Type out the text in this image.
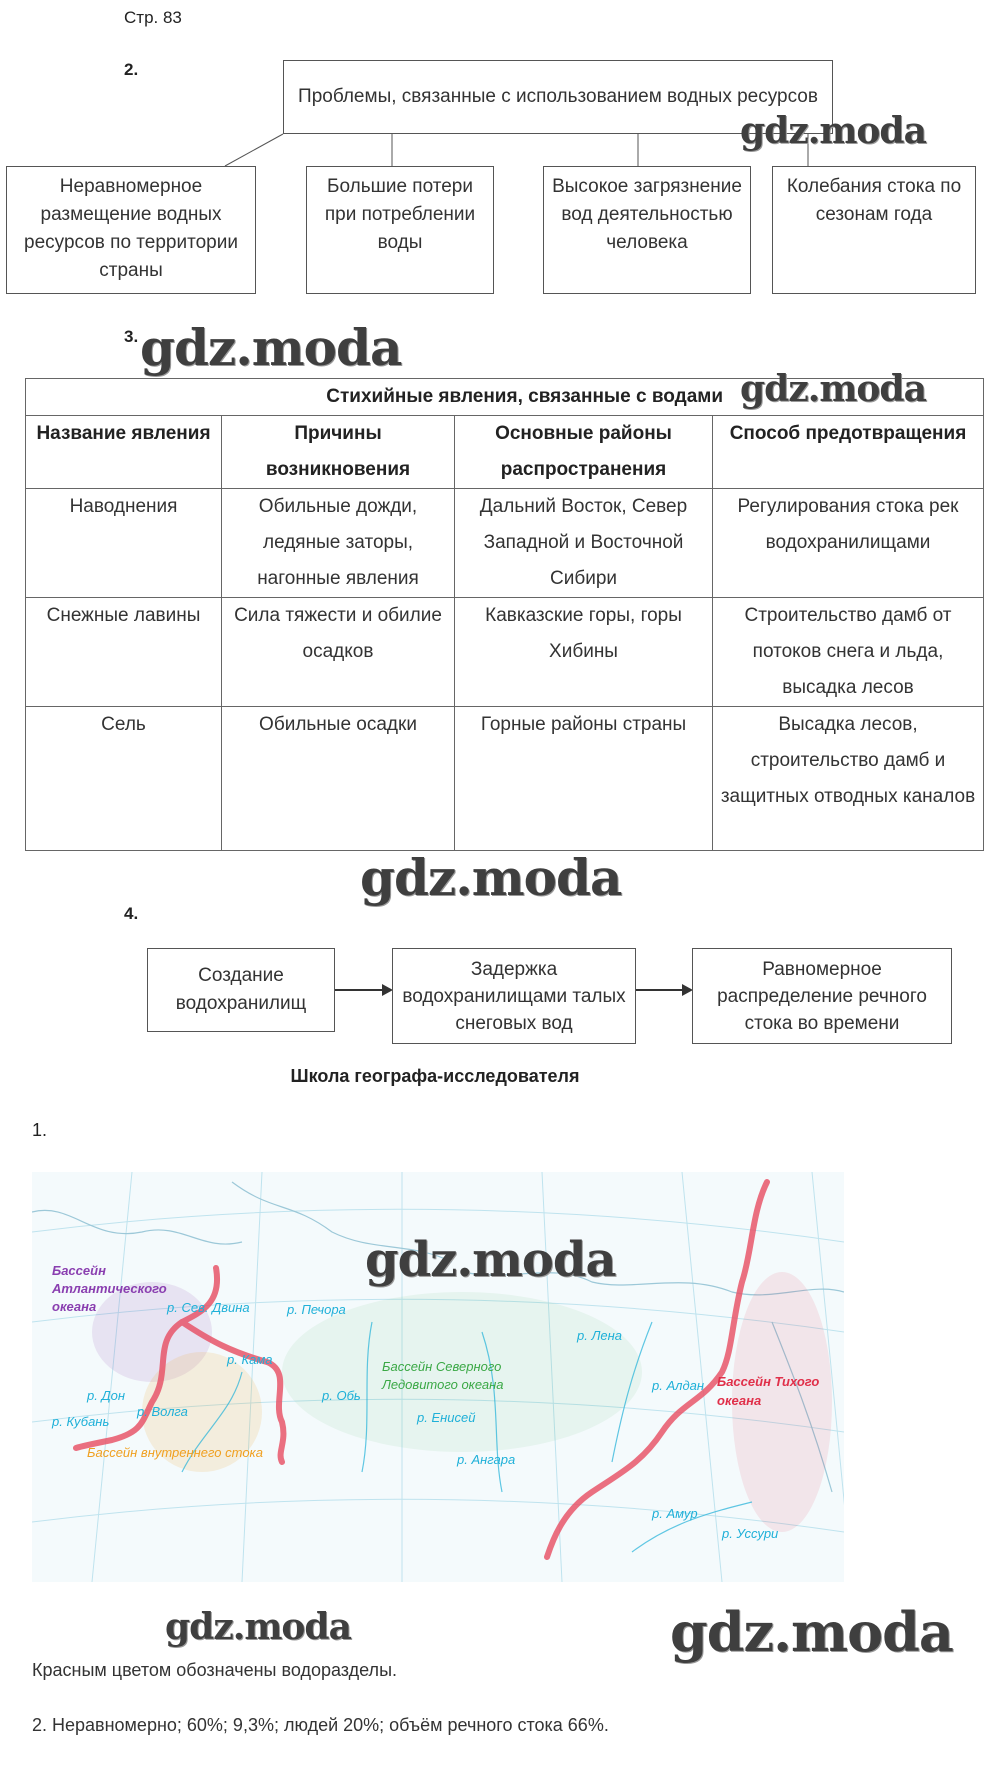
Стр. 83
2.
Проблемы, связанные с использованием водных ресурсов
Неравномерное размещение водных ресурсов по территории страны
Большие потери при потреблении воды
Высокое загрязнение вод деятельностью человека
Колебания стока по сезонам года
3.
Стихийные явления, связанные с водами			
Название явления	Причины возникновения	Основные районы распространения	Способ предотвращения
Наводнения	Обильные дожди, ледяные заторы, нагонные явления	Дальний Восток, Север Западной и Восточной Сибири	Регулирования стока рек водохранилищами
Снежные лавины	Сила тяжести и обилие осадков	Кавказские горы, горы Хибины	Строительство дамб от потоков снега и льда, высадка лесов
Сель	Обильные осадки	Горные районы страны	Высадка лесов, строительство дамб и защитных отводных каналов
4.
Создание водохранилищ
Задержка водохранилищами талых снеговых вод
Равномерное распределение речного стока во времени
Школа географа-исследователя
1.
Бассейн Атлантического океана	р. Сев. Двина	р. Печора
р. Кама
р. Дон
р. Волга
р. Кубань
р. Обь
Бассейн внутреннего стока
Бассейн Северного Ледовитого океана
р. Енисей
р. Ангара
р. Лена
р. Алдан Бассейн Тихого океана
р. Амур
р. Уссури
Красным цветом обозначены водоразделы.
2. Неравномерно; 60%; 9,3%; людей 20%; объём речного стока 66%.
gdz.moda
gdz.moda
gdz.moda
gdz.moda
gdz.moda
gdz.moda	gdz.moda
